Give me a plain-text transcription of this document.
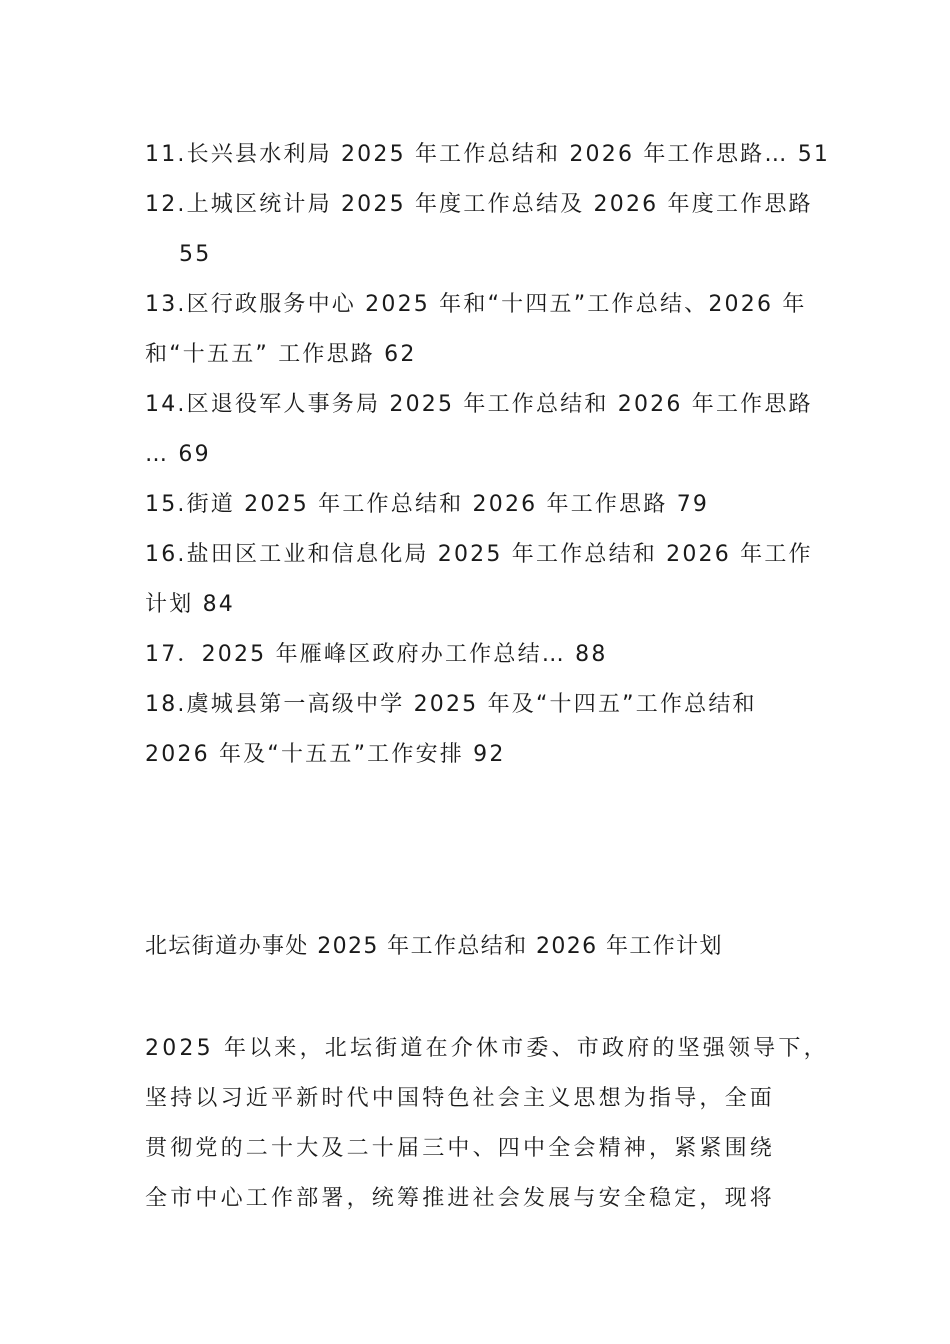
11.长兴县水利局 2025 年工作总结和 2026 年工作思路… 51
12.上城区统计局 2025 年度工作总结及 2026 年度工作思路
55
13.区行政服务中心 2025 年和“十四五”工作总结、2026 年
和“十五五” 工作思路 62
14.区退役军人事务局 2025 年工作总结和 2026 年工作思路
… 69
15.街道 2025 年工作总结和 2026 年工作思路 79
16.盐田区工业和信息化局 2025 年工作总结和 2026 年工作
计划 84
17．2025 年雁峰区政府办工作总结… 88
18.虞城县第一高级中学 2025 年及“十四五”工作总结和
2026 年及“十五五”工作安排 92
北坛街道办事处 2025 年工作总结和 2026 年工作计划
2025 年以来，北坛街道在介休市委、市政府的坚强领导下，
坚持以习近平新时代中国特色社会主义思想为指导，全面
贯彻党的二十大及二十届三中、四中全会精神，紧紧围绕
全市中心工作部署，统筹推进社会发展与安全稳定，现将
